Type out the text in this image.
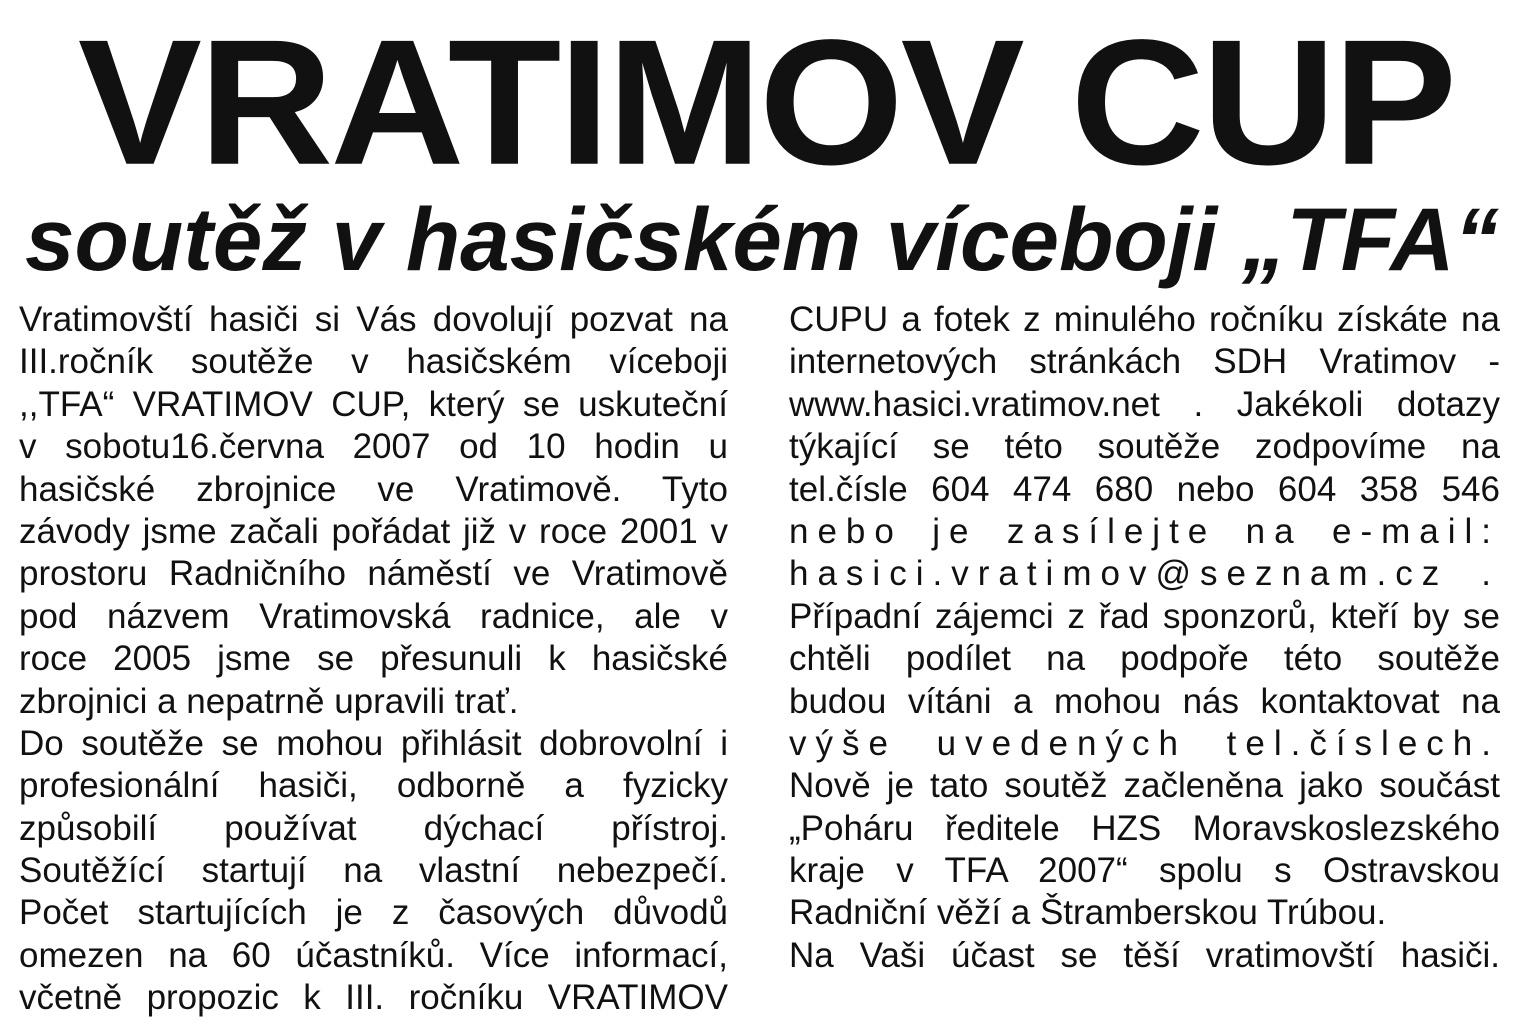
VRATIMOV CUP
soutěž v hasičském víceboji „TFA“
Vratimovští hasiči si Vás dovolují pozvat na
III.ročník soutěže v hasičském víceboji
,,TFA“ VRATIMOV CUP, který se uskuteční
v sobotu16.června 2007 od 10 hodin u
hasičské zbrojnice ve Vratimově. Tyto
závody jsme začali pořádat již v roce 2001 v
prostoru Radničního náměstí ve Vratimově
pod názvem Vratimovská radnice, ale v
roce 2005 jsme se přesunuli k hasičské
zbrojnici a nepatrně upravili trať.
Do soutěže se mohou přihlásit dobrovolní i
profesionální hasiči, odborně a fyzicky
způsobilí používat dýchací přístroj.
Soutěžící startují na vlastní nebezpečí.
Počet startujících je z časových důvodů
omezen na 60 účastníků. Více informací,
včetně propozic k III. ročníku VRATIMOV
CUPU a fotek z minulého ročníku získáte na
internetových stránkách SDH Vratimov -
www.hasici.vratimov.net . Jakékoli dotazy
týkající se této soutěže zodpovíme na
tel.čísle 604 474 680 nebo 604 358 546
nebo je zasílejte na e-mail:
hasici.vratimov@seznam.cz .
Případní zájemci z řad sponzorů, kteří by se
chtěli podílet na podpoře této soutěže
budou vítáni a mohou nás kontaktovat na
výše uvedených tel.číslech.
Nově je tato soutěž začleněna jako součást
„Poháru ředitele HZS Moravskoslezského
kraje v TFA 2007“ spolu s Ostravskou
Radniční věží a Štramberskou Trúbou.
Na Vaši účast se těší vratimovští hasiči.
